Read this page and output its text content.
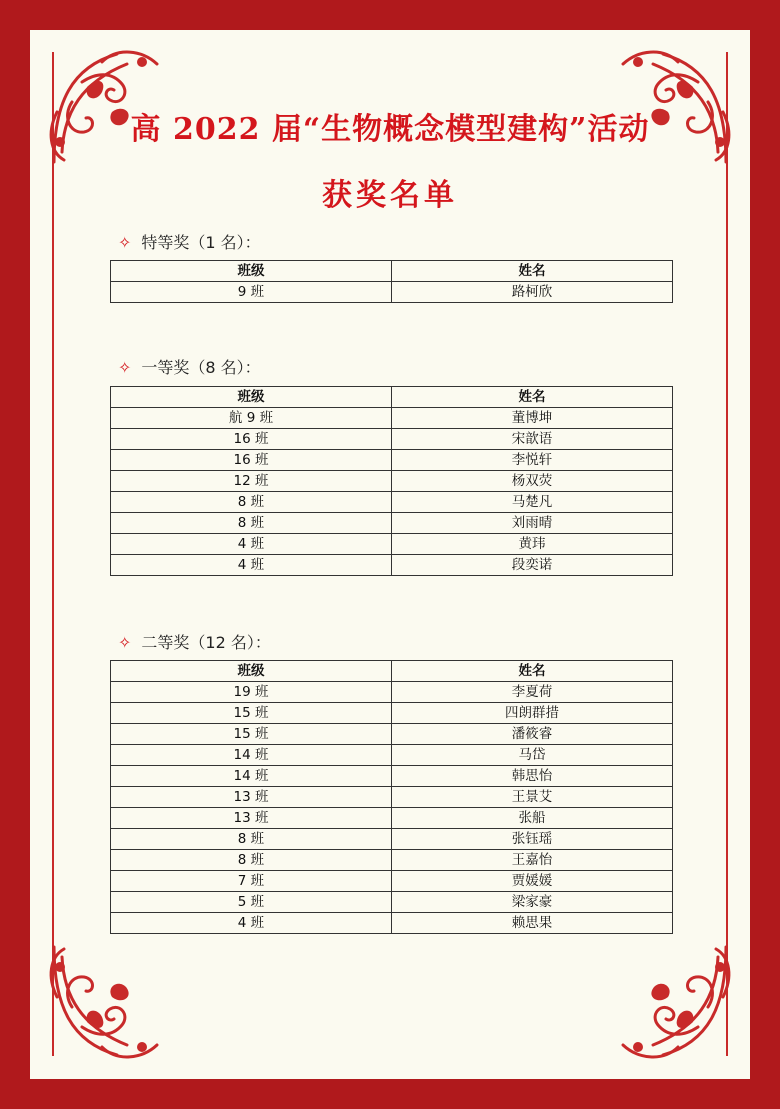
高 2022 届“生物概念模型建构”活动
获奖名单
✧ 特等奖（1 名）：
班级	姓名
9 班	路柯欣
✧ 一等奖（8 名）：
班级	姓名
航 9 班	董博坤
16 班	宋歆语
16 班	李悦轩
12 班	杨双荧
8 班	马楚凡
8 班	刘雨晴
4 班	黄玮
4 班	段奕诺
✧ 二等奖（12 名）：
班级	姓名
19 班	李夏荷
15 班	四朗群措
15 班	潘筱睿
14 班	马岱
14 班	韩思怡
13 班	王景艾
13 班	张船
8 班	张钰瑶
8 班	王嘉怡
7 班	贾媛媛
5 班	梁家豪
4 班	赖思果
